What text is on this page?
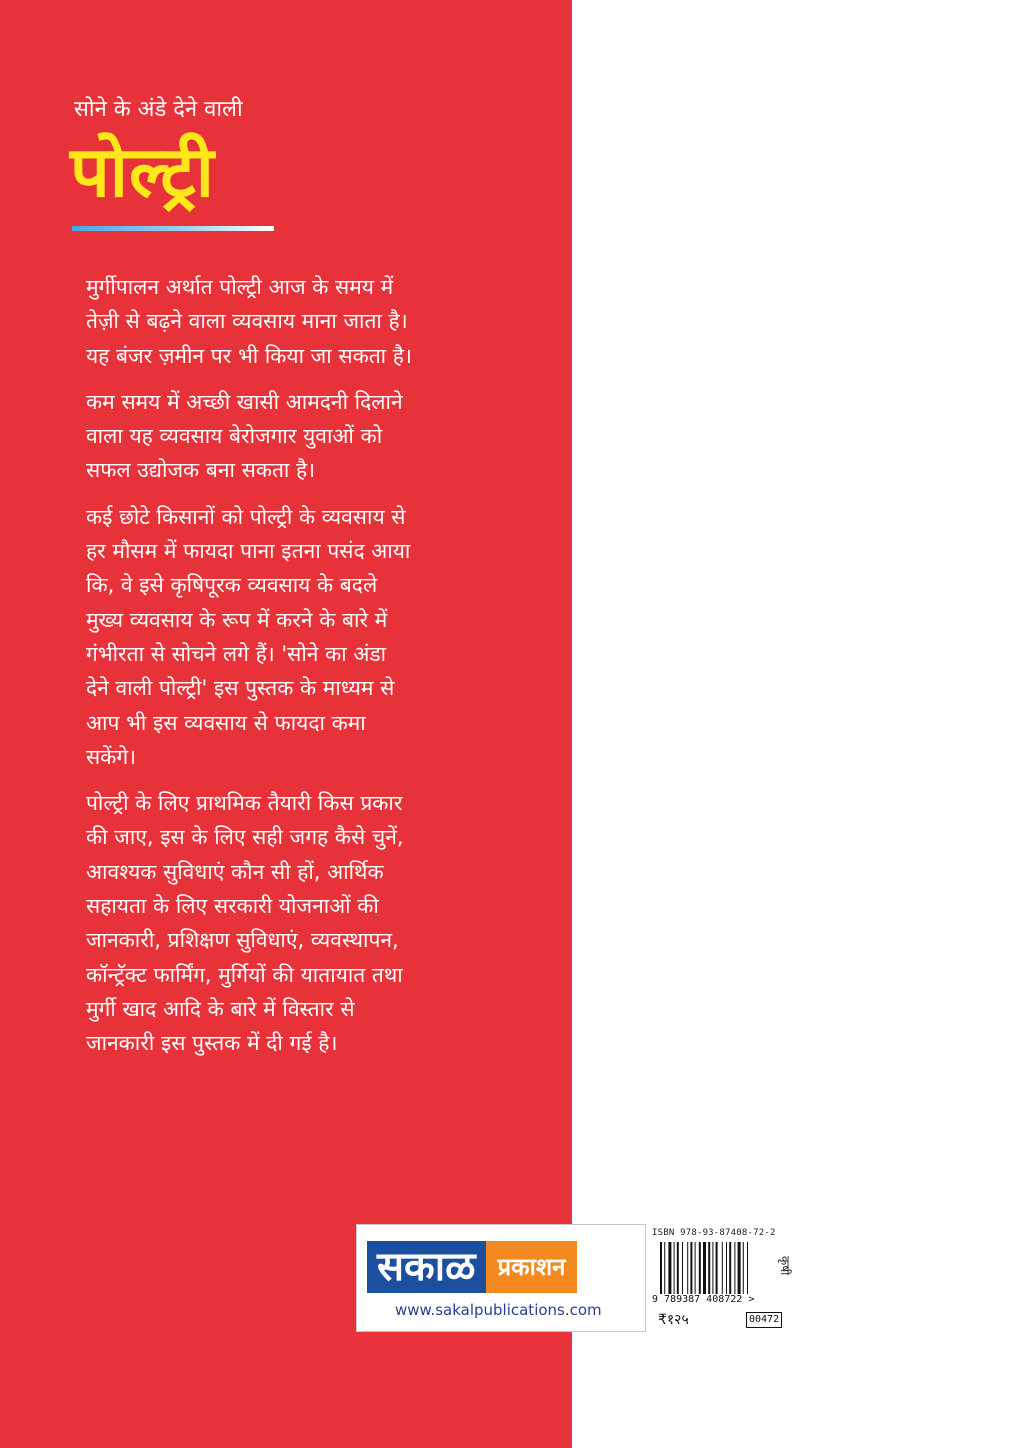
सोने के अंडे देने वाली
पोल्ट्री
मुर्गीपालन अर्थात पोल्ट्री आज के समय में
तेज़ी से बढ़ने वाला व्यवसाय माना जाता है।
यह बंजर ज़मीन पर भी किया जा सकता है।
कम समय में अच्छी खासी आमदनी दिलाने
वाला यह व्यवसाय बेरोजगार युवाओं को
सफल उद्योजक बना सकता है।
कई छोटे किसानों को पोल्ट्री के व्यवसाय से
हर मौसम में फायदा पाना इतना पसंद आया
कि, वे इसे कृषिपूरक व्यवसाय के बदले
मुख्य व्यवसाय के रूप में करने के बारे में
गंभीरता से सोचने लगे हैं। 'सोने का अंडा
देने वाली पोल्ट्री' इस पुस्तक के माध्यम से
आप भी इस व्यवसाय से फायदा कमा
सकेंगे।
पोल्ट्री के लिए प्राथमिक तैयारी किस प्रकार
की जाए, इस के लिए सही जगह कैसे चुनें,
आवश्यक सुविधाएं कौन सी हों, आर्थिक
सहायता के लिए सरकारी योजनाओं की
जानकारी, प्रशिक्षण सुविधाएं, व्यवस्थापन,
कॉन्ट्रॅक्ट फार्मिंग, मुर्गियों की यातायात तथा
मुर्गी खाद आदि के बारे में विस्तार से
जानकारी इस पुस्तक में दी गई है।
सकाळ प्रकाशन
www.sakalpublications.com
ISBN 978-93-87408-72-2
9 789387 408722 >
₹१२५	00472
कृषी
